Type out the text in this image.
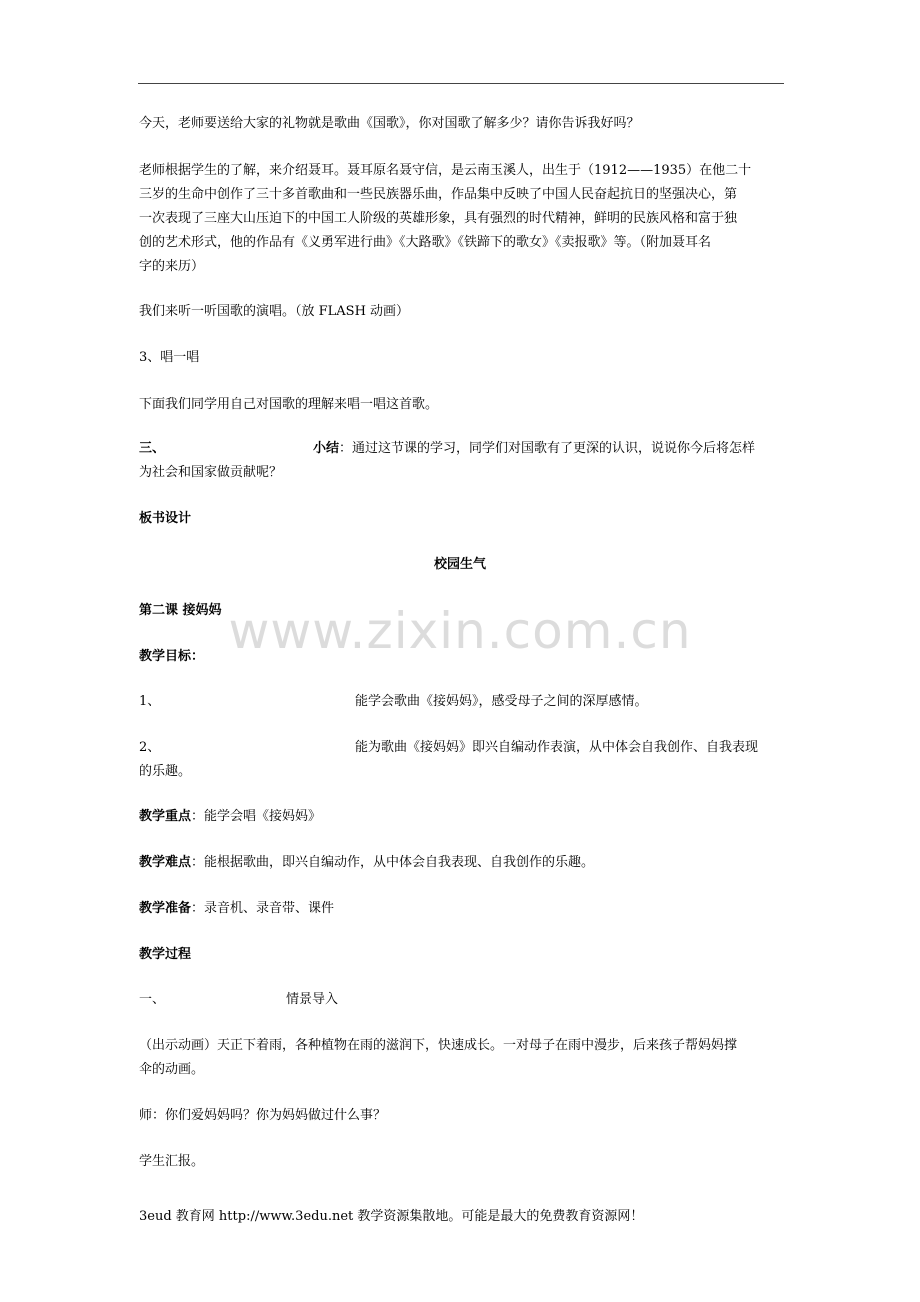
今天，老师要送给大家的礼物就是歌曲《国歌》，你对国歌了解多少？请你告诉我好吗？
老师根据学生的了解，来介绍聂耳。聂耳原名聂守信，是云南玉溪人，出生于（1912——1935）在他二十
三岁的生命中创作了三十多首歌曲和一些民族器乐曲，作品集中反映了中国人民奋起抗日的坚强决心，第
一次表现了三座大山压迫下的中国工人阶级的英雄形象，具有强烈的时代精神，鲜明的民族风格和富于独
创的艺术形式，他的作品有《义勇军进行曲》《大路歌》《铁蹄下的歌女》《卖报歌》等。（附加聂耳名
字的来历）
我们来听一听国歌的演唱。（放 FLASH 动画）
3、唱一唱
下面我们同学用自己对国歌的理解来唱一唱这首歌。
三、	小结：通过这节课的学习，同学们对国歌有了更深的认识，说说你今后将怎样
为社会和国家做贡献呢？
板书设计
校园生气
第二课 接妈妈 www.zixin.com.cn
教学目标：
1、	能学会歌曲《接妈妈》，感受母子之间的深厚感情。
2、	能为歌曲《接妈妈》即兴自编动作表演，从中体会自我创作、自我表现
的乐趣。
教学重点：能学会唱《接妈妈》
教学难点：能根据歌曲，即兴自编动作，从中体会自我表现、自我创作的乐趣。
教学准备：录音机、录音带、课件
教学过程
一、	情景导入
（出示动画）天正下着雨，各种植物在雨的滋润下，快速成长。一对母子在雨中漫步，后来孩子帮妈妈撑
伞的动画。
师：你们爱妈妈吗？你为妈妈做过什么事？
学生汇报。
3eud 教育网 http://www.3edu.net 教学资源集散地。可能是最大的免费教育资源网！
